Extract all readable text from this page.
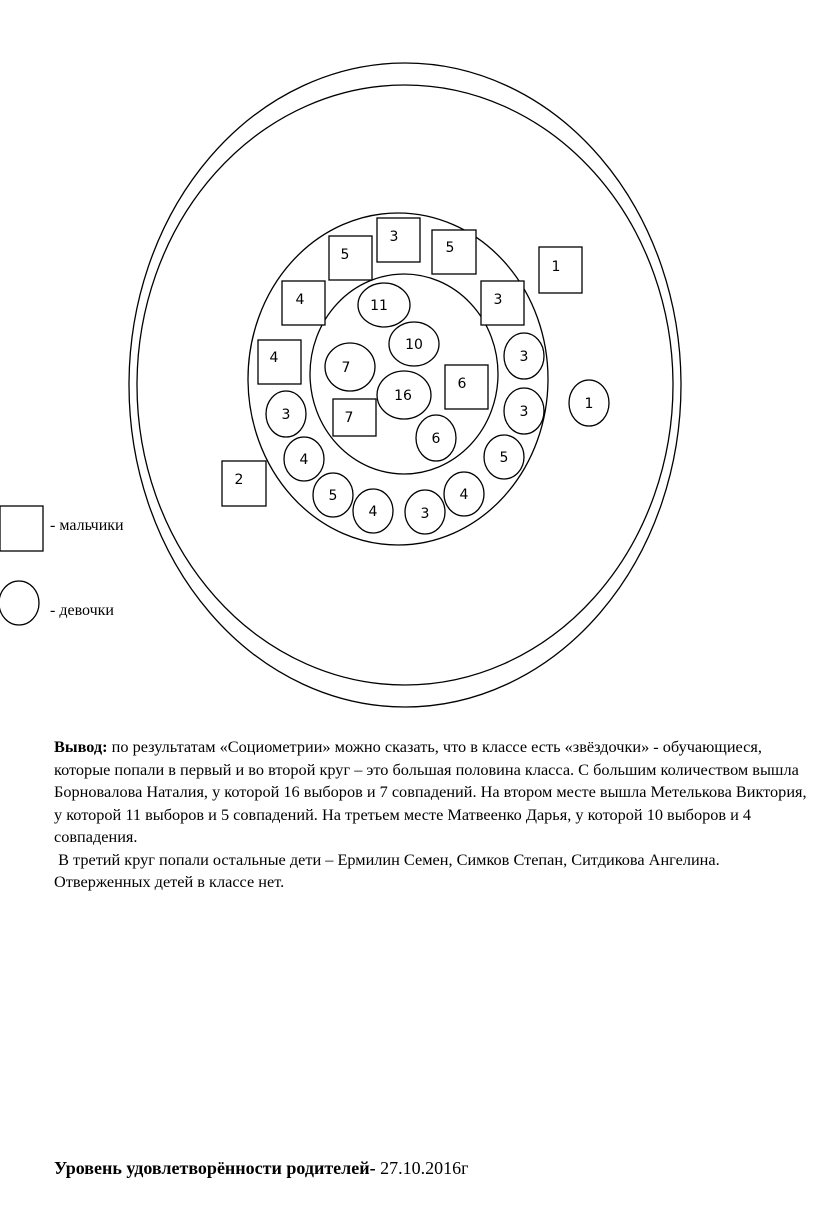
3
5	5
1
4	3
4
6
7
2
11
10
7
16
6
3
3
3
1
4	5
5	4
3
4
- мальчики
- девочки

Вывод: по результатам «Социометрии» можно сказать, что в классе есть «звёздочки» - обучающиеся, которые попали в первый и во второй круг – это большая половина класса. С большим количеством вышла Борновалова Наталия, у которой 16 выборов и 7 совпадений. На втором месте вышла Метелькова Виктория, у которой 11 выборов и 5 совпадений. На третьем месте Матвеенко Дарья, у которой 10 выборов и 4 совпадения.

В третий круг попали остальные дети – Ермилин Семен, Симков Степан, Ситдикова Ангелина. Отверженных детей в классе нет.

Уровень удовлетворённости родителей- 27.10.2016г
